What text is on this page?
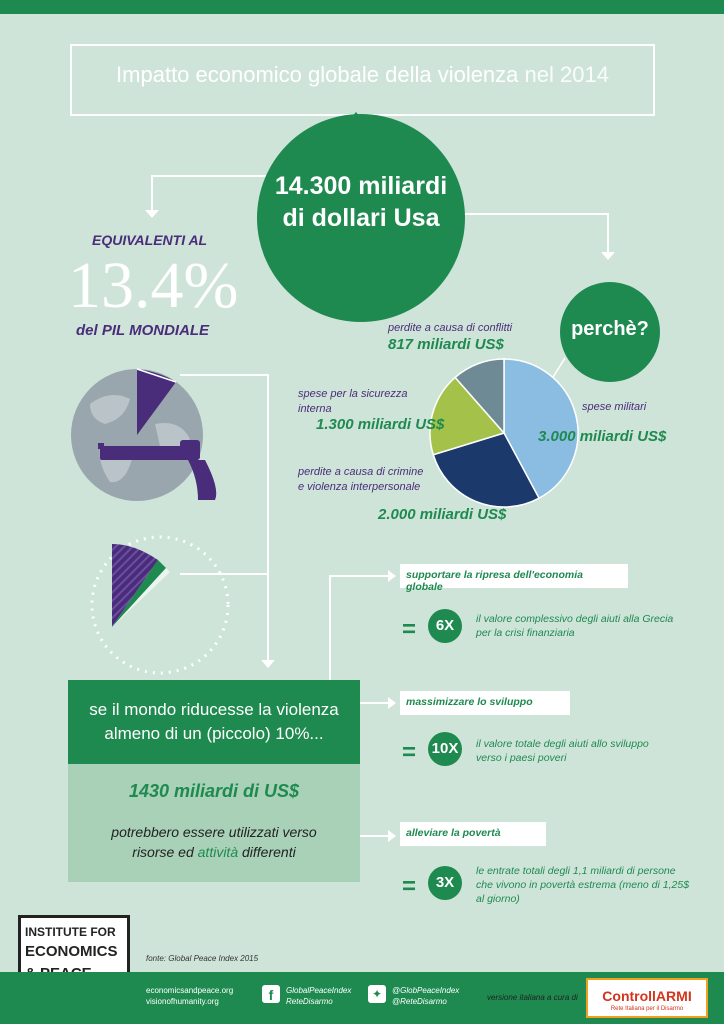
Impatto economico globale della violenza nel 2014
14.300 miliardi
di dollari Usa
EQUIVALENTI AL
13.4%
del PIL MONDIALE	perchè?
perdite a causa di conflitti
817 miliardi US$
spese per la sicurezza
interna
1.300 miliardi US$
spese militari
3.000 miliardi US$
perdite a causa di crimine
e violenza interpersonale
2.000 miliardi US$
se il mondo riducesse la violenza
almeno di un (piccolo) 10%...
1430 miliardi di US$
potrebbero essere utilizzati verso
risorse ed attività differenti
supportare la ripresa dell'economia globale
=	6X	il valore complessivo degli aiuti alla Grecia
per la crisi finanziaria
massimizzare lo sviluppo
= 10X	il valore totale degli aiuti allo sviluppo
verso i paesi poveri
alleviare la povertà
=	3X
le entrate totali degli 1,1 miliardi di persone
che vivono in povertà estrema (meno di 1,25$
al giorno)
INSTITUTE FOR
ECONOMICS	fonte: Global Peace Index 2015
economicsandpeace.org
visionofhumanity.org	f	GlobalPeaceIndex
ReteDisarmo
✦	@GlobPeaceIndex
@ReteDisarmo	versione italiana a cura di	ControllARMI
Rete Italiana per il Disarmo
